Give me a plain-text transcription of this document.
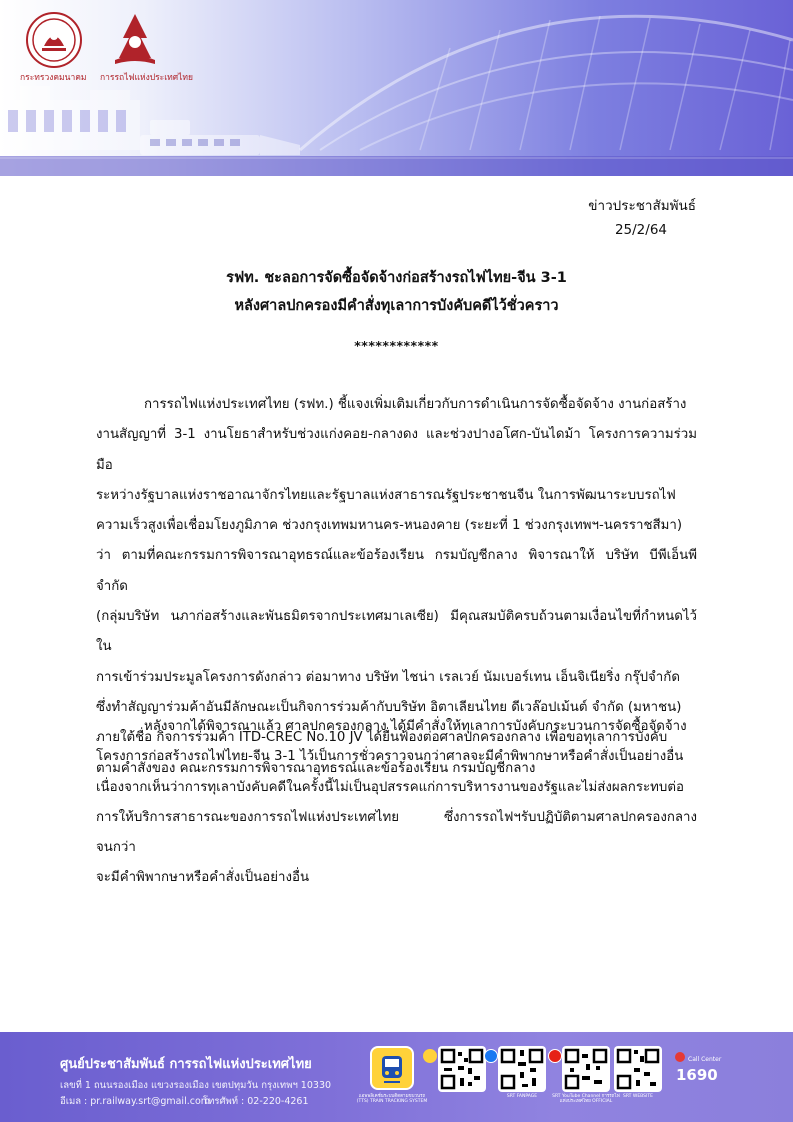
กระทรวงคมนาคม การรถไฟแห่งประเทศไทย
ข่าวประชาสัมพันธ์
25/2/64
รฟท. ชะลอการจัดซื้อจัดจ้างก่อสร้างรถไฟไทย-จีน 3-1
หลังศาลปกครองมีคำสั่งทุเลาการบังคับคดีไว้ชั่วคราว
************
การรถไฟแห่งประเทศไทย (รฟท.) ชี้แจงเพิ่มเติมเกี่ยวกับการดำเนินการจัดซื้อจัดจ้าง งานก่อสร้าง
งานสัญญาที่ 3-1 งานโยธาสำหรับช่วงแก่งคอย-กลางดง และช่วงปางอโศก-บันไดม้า โครงการความร่วมมือ
ระหว่างรัฐบาลแห่งราชอาณาจักรไทยและรัฐบาลแห่งสาธารณรัฐประชาชนจีน ในการพัฒนาระบบรถไฟ
ความเร็วสูงเพื่อเชื่อมโยงภูมิภาค ช่วงกรุงเทพมหานคร-หนองคาย (ระยะที่ 1 ช่วงกรุงเทพฯ-นครราชสีมา)
ว่า ตามที่คณะกรรมการพิจารณาอุทธรณ์และข้อร้องเรียน กรมบัญชีกลาง พิจารณาให้ บริษัท บีพีเอ็นพี จำกัด
(กลุ่มบริษัท นภาก่อสร้างและพันธมิตรจากประเทศมาเลเซีย) มีคุณสมบัติครบถ้วนตามเงื่อนไขที่กำหนดไว้ใน
การเข้าร่วมประมูลโครงการดังกล่าว ต่อมาทาง บริษัท ไชน่า เรลเวย์ นัมเบอร์เทน เอ็นจิเนียริ่ง กรุ๊ปจำกัด
ซึ่งทำสัญญาร่วมค้าอันมีลักษณะเป็นกิจการร่วมค้ากับบริษัท อิตาเลียนไทย ดีเวล๊อปเม้นต์ จำกัด (มหาชน)
ภายใต้ชื่อ กิจการร่วมค้า ITD-CREC No.10 JV ได้ยื่นฟ้องต่อศาลปกครองกลาง เพื่อขอทุเลาการบังคับ
ตามคำสั่งของ คณะกรรมการพิจารณาอุทธรณ์และข้อร้องเรียน กรมบัญชีกลาง
หลังจากได้พิจารณาแล้ว ศาลปกครองกลาง ได้มีคำสั่งให้ทุเลาการบังคับกระบวนการจัดซื้อจัดจ้าง
โครงการก่อสร้างรถไฟไทย-จีน 3-1 ไว้เป็นการชั่วคราวจนกว่าศาลจะมีคำพิพากษาหรือคำสั่งเป็นอย่างอื่น
เนื่องจากเห็นว่าการทุเลาบังคับคดีในครั้งนี้ไม่เป็นอุปสรรคแก่การบริหารงานของรัฐและไม่ส่งผลกระทบต่อ
การให้บริการสาธารณะของการรถไฟแห่งประเทศไทย ซึ่งการรถไฟฯรับปฏิบัติตามศาลปกครองกลาง จนกว่า
จะมีคำพิพากษาหรือคำสั่งเป็นอย่างอื่น
ศูนย์ประชาสัมพันธ์ การรถไฟแห่งประเทศไทย
เลขที่ 1 ถนนรองเมือง แขวงรองเมือง เขตปทุมวัน กรุงเทพฯ 10330
อีเมล : pr.railway.srt@gmail.com
โทรศัพท์ : 02-220-4261	แอพพลิเคชั่นระบบติดตามขบวนรถ (TTS) TRAIN TRACKING SYSTEM
SRT FANPAGE	SRT YouTube Channel การรถไฟแห่งประเทศไทย OFFICIAL
SRT WEBSITE
Call Center
1690
